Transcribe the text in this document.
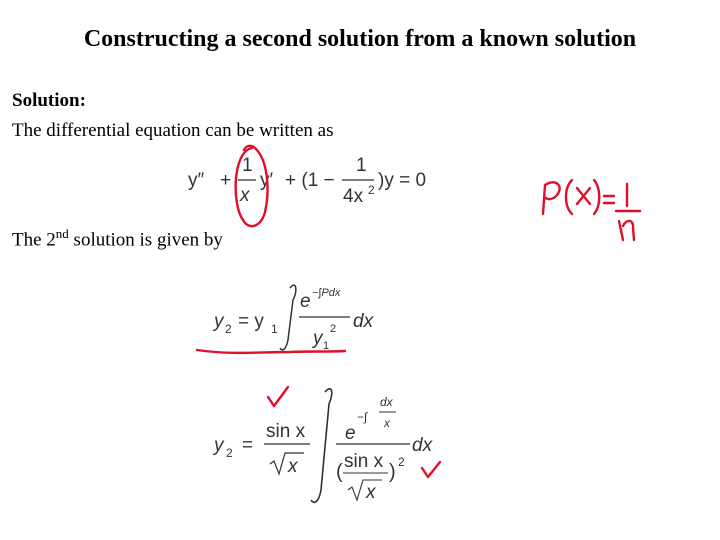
Constructing a second solution from a known solution
Solution:
The differential equation can be written as
The 2nd solution is given by
y″ +
1
x
y′ + (1 −
1
4x 2 )y = 0
y 2 = y 1
e −∫Pdx
y 1
2 dx
y 2 =
sin x
x
e
−∫
dx
x
( sin x
x
) 2
dx
